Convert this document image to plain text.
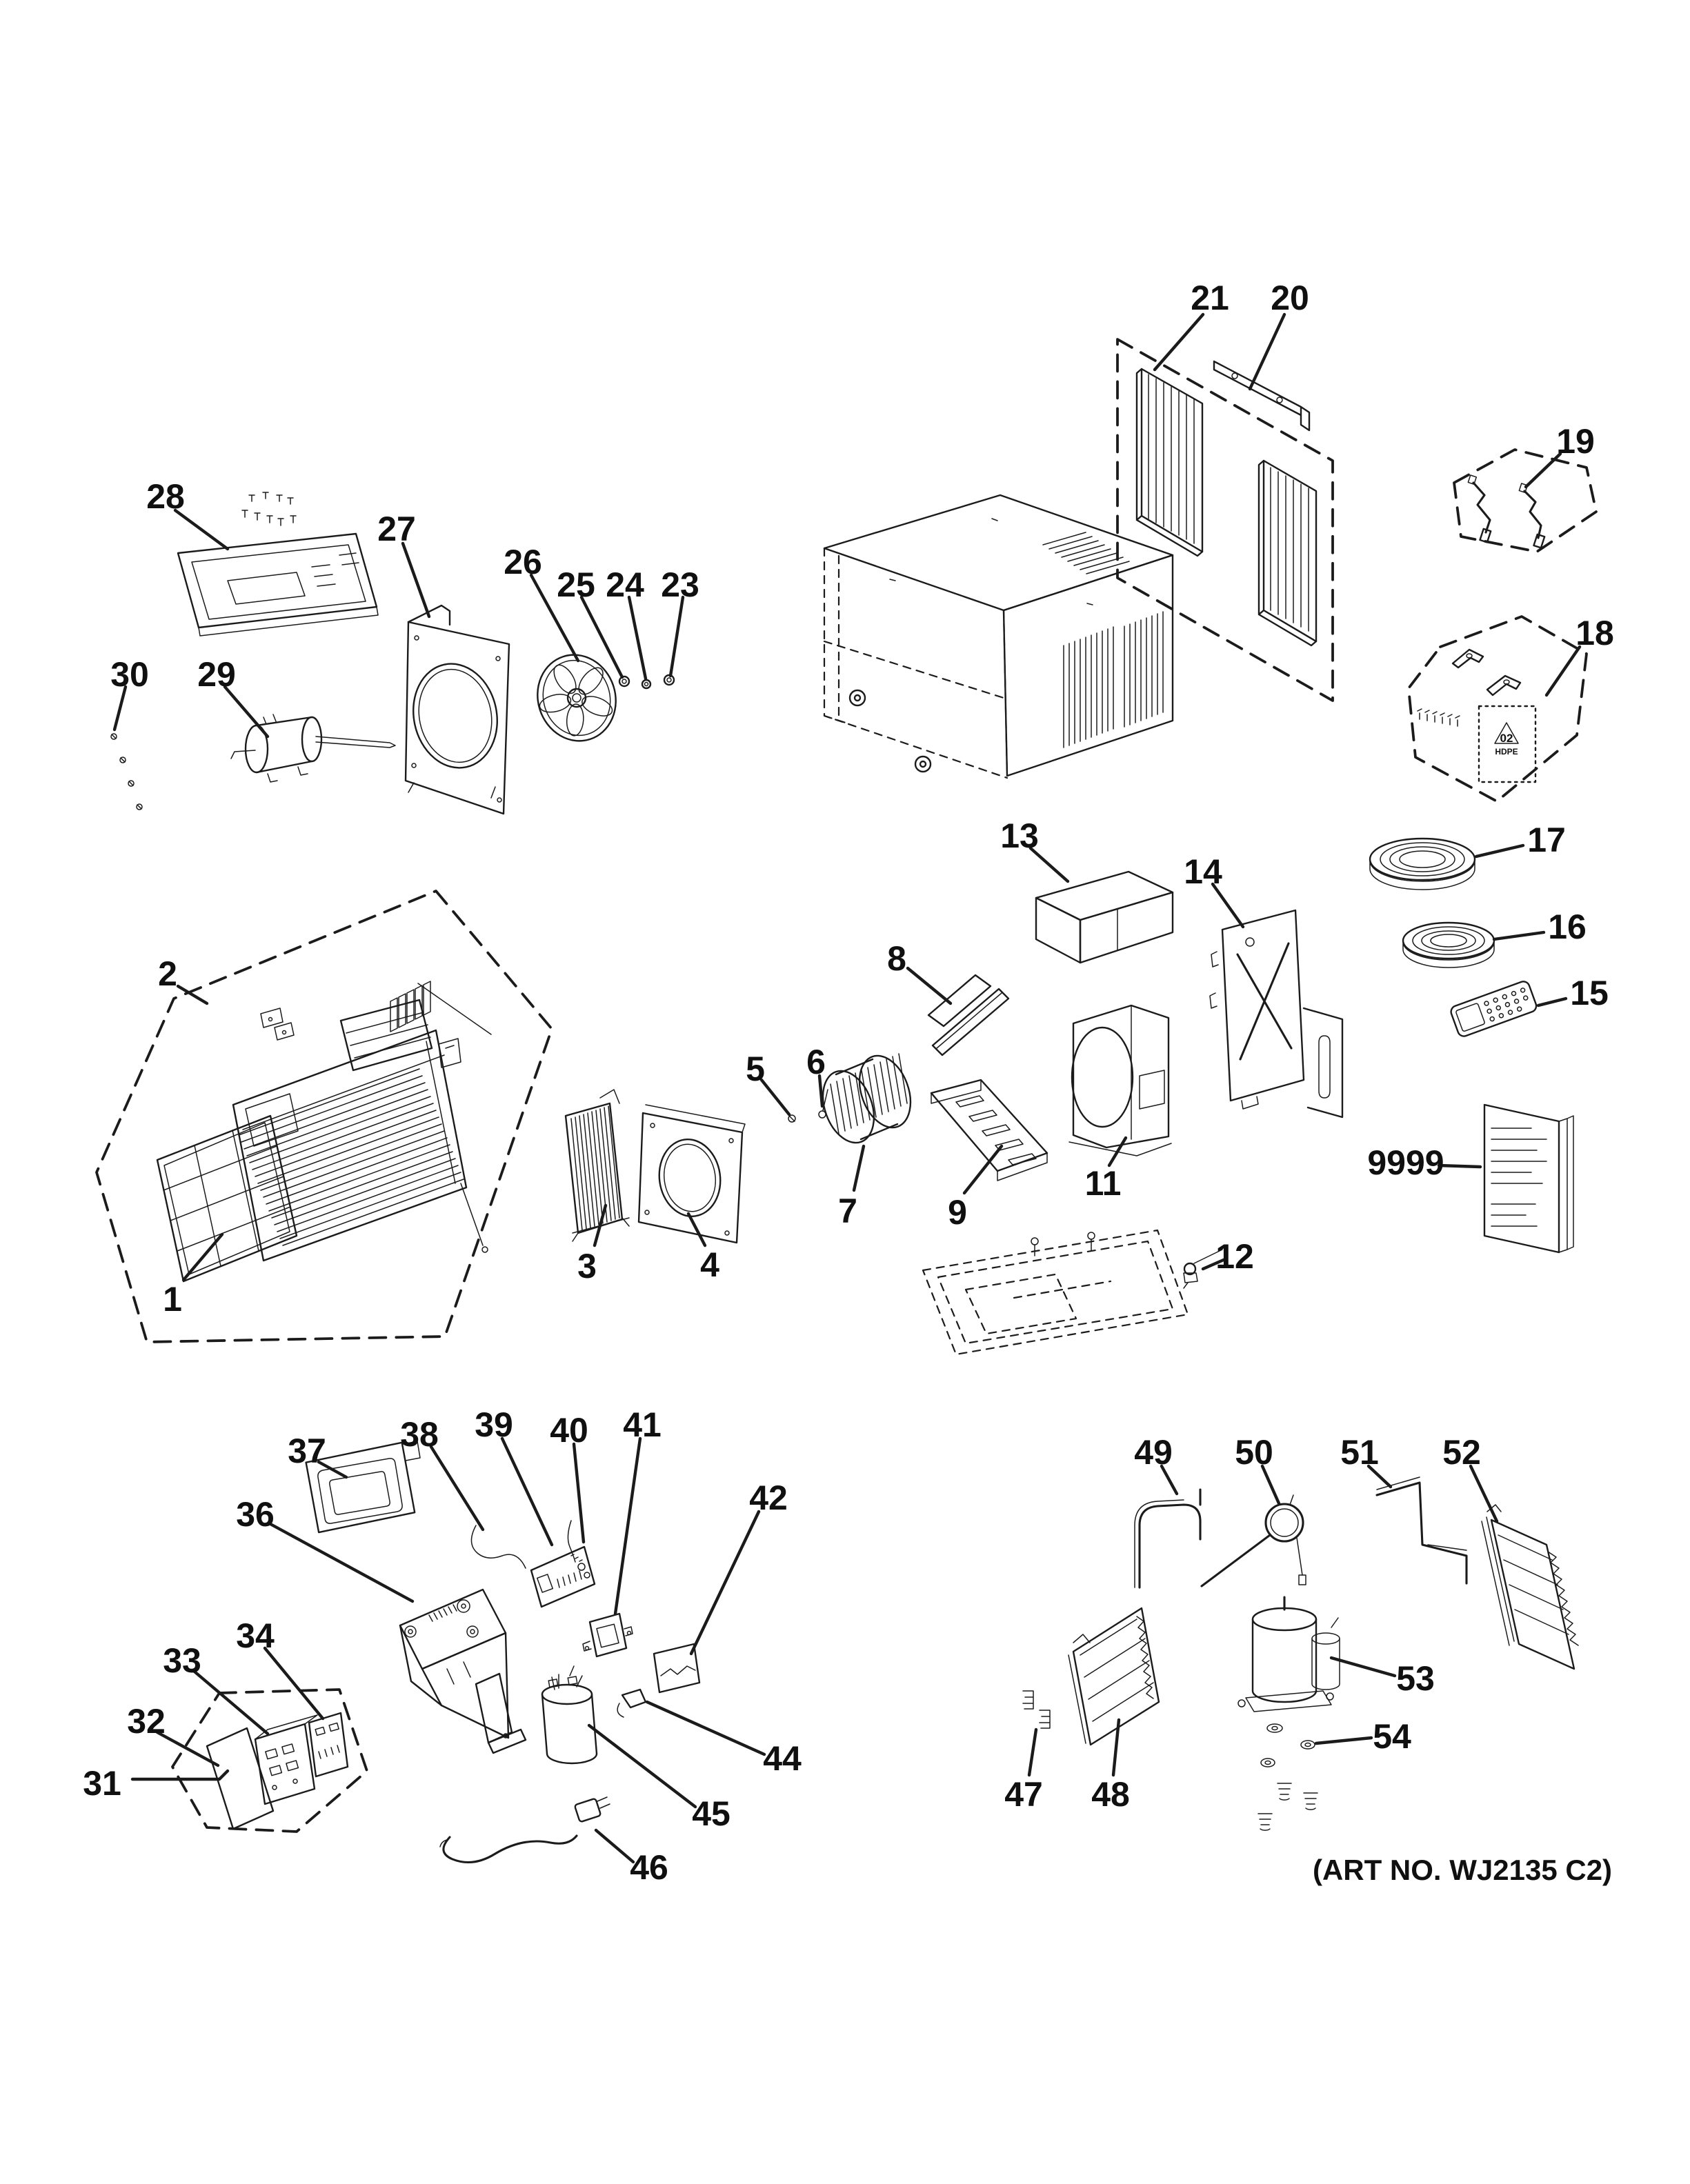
02
HDPE
28
27
26
25 24 23
30 29
21 20
19
18
2
1
13
14
17
16
15
8
5 6
3	4
7	9
11
12
9999
37
36
38 39 40 41
42
34
33
32
31
44
45
46
47 48
49 50 51 52
53
54
(ART NO. WJ2135 C2)
